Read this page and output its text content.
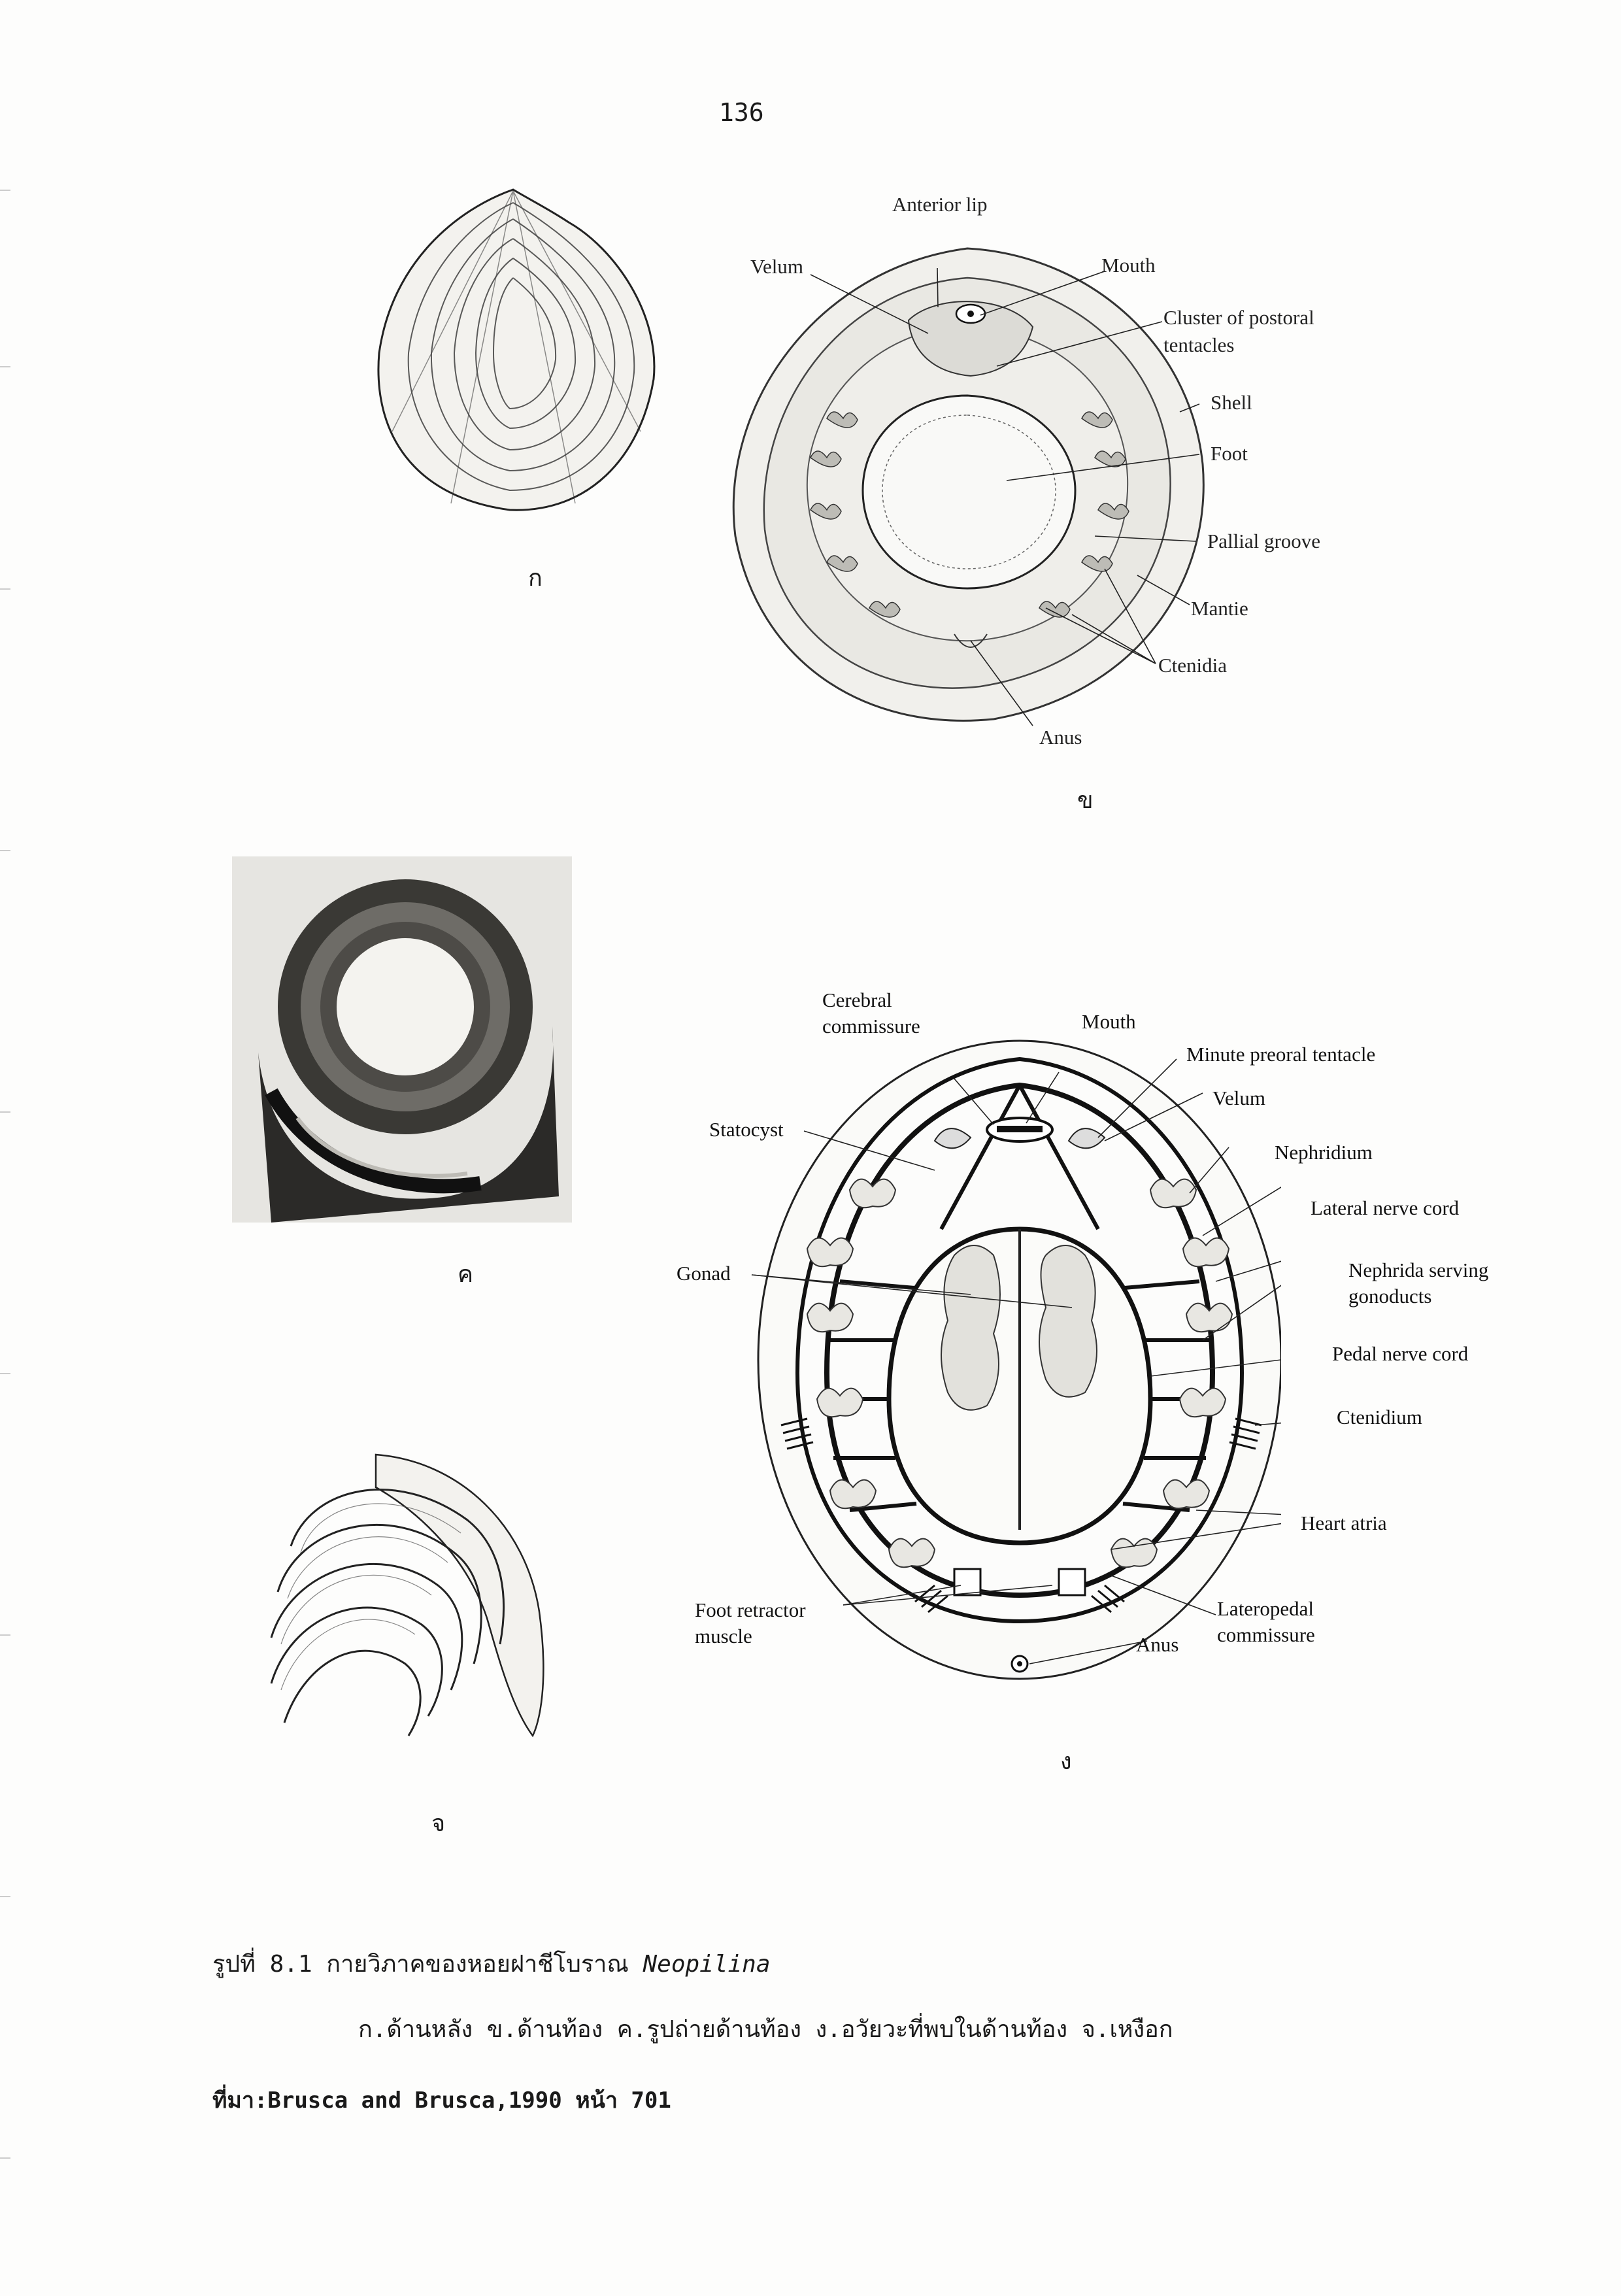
136
ก
Anterior lip
Velum	Mouth
Cluster of postoral
tentacles
Shell
Foot
Pallial groove
Mantie
Ctenidia
Anus
ข
ค
Cerebral
commissure	Mouth
Minute preoral tentacle
Velum
Statocyst
Nephridium
Lateral nerve cord
Gonad	Nephrida serving
gonoducts
Pedal nerve cord
Ctenidium
Heart atria
Foot retractor
muscle
Lateropedal
commissure
Anus
ง
จ
รูปที่ 8.1 กายวิภาคของหอยฝาชีโบราณ Neopilina
ก.ด้านหลัง ข.ด้านท้อง ค.รูปถ่ายด้านท้อง ง.อวัยวะที่พบในด้านท้อง จ.เหงือก
ที่มา:Brusca and Brusca,1990 หน้า 701
